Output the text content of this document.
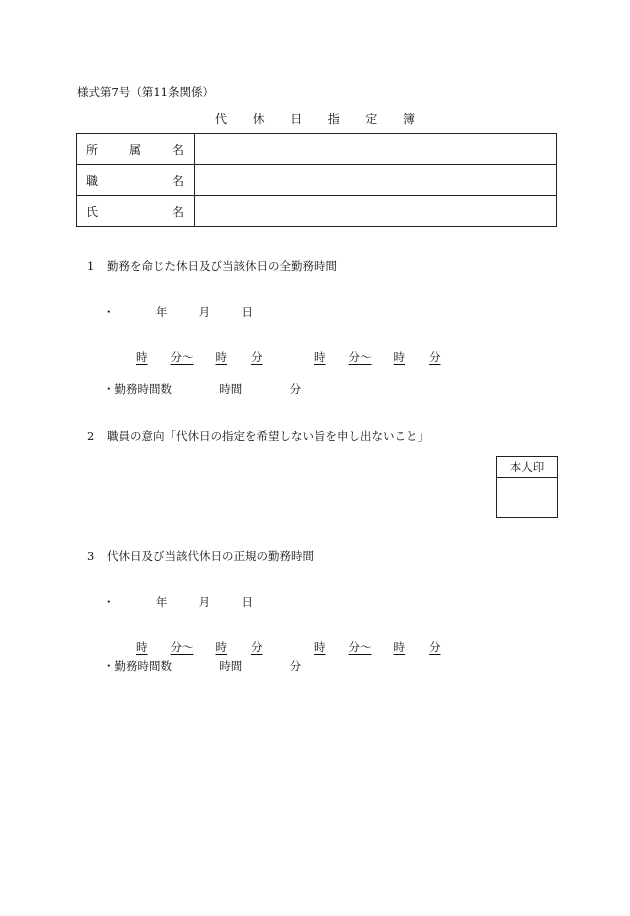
様式第7号（第11条関係）
代 休 日 指 定 簿
所 属 名	

職 名	

氏 名	

1 勤務を命じた休日及び当該休日の全勤務時間
・	年	月	日
時 分〜 時 分	時 分〜 時 分
・勤務時間数	時間	分
2 職員の意向「代休日の指定を希望しない旨を申し出ないこと」
本人印
3 代休日及び当該代休日の正規の勤務時間
・	年	月	日
時 分〜 時 分	時 分〜 時 分
・勤務時間数	時間	分
